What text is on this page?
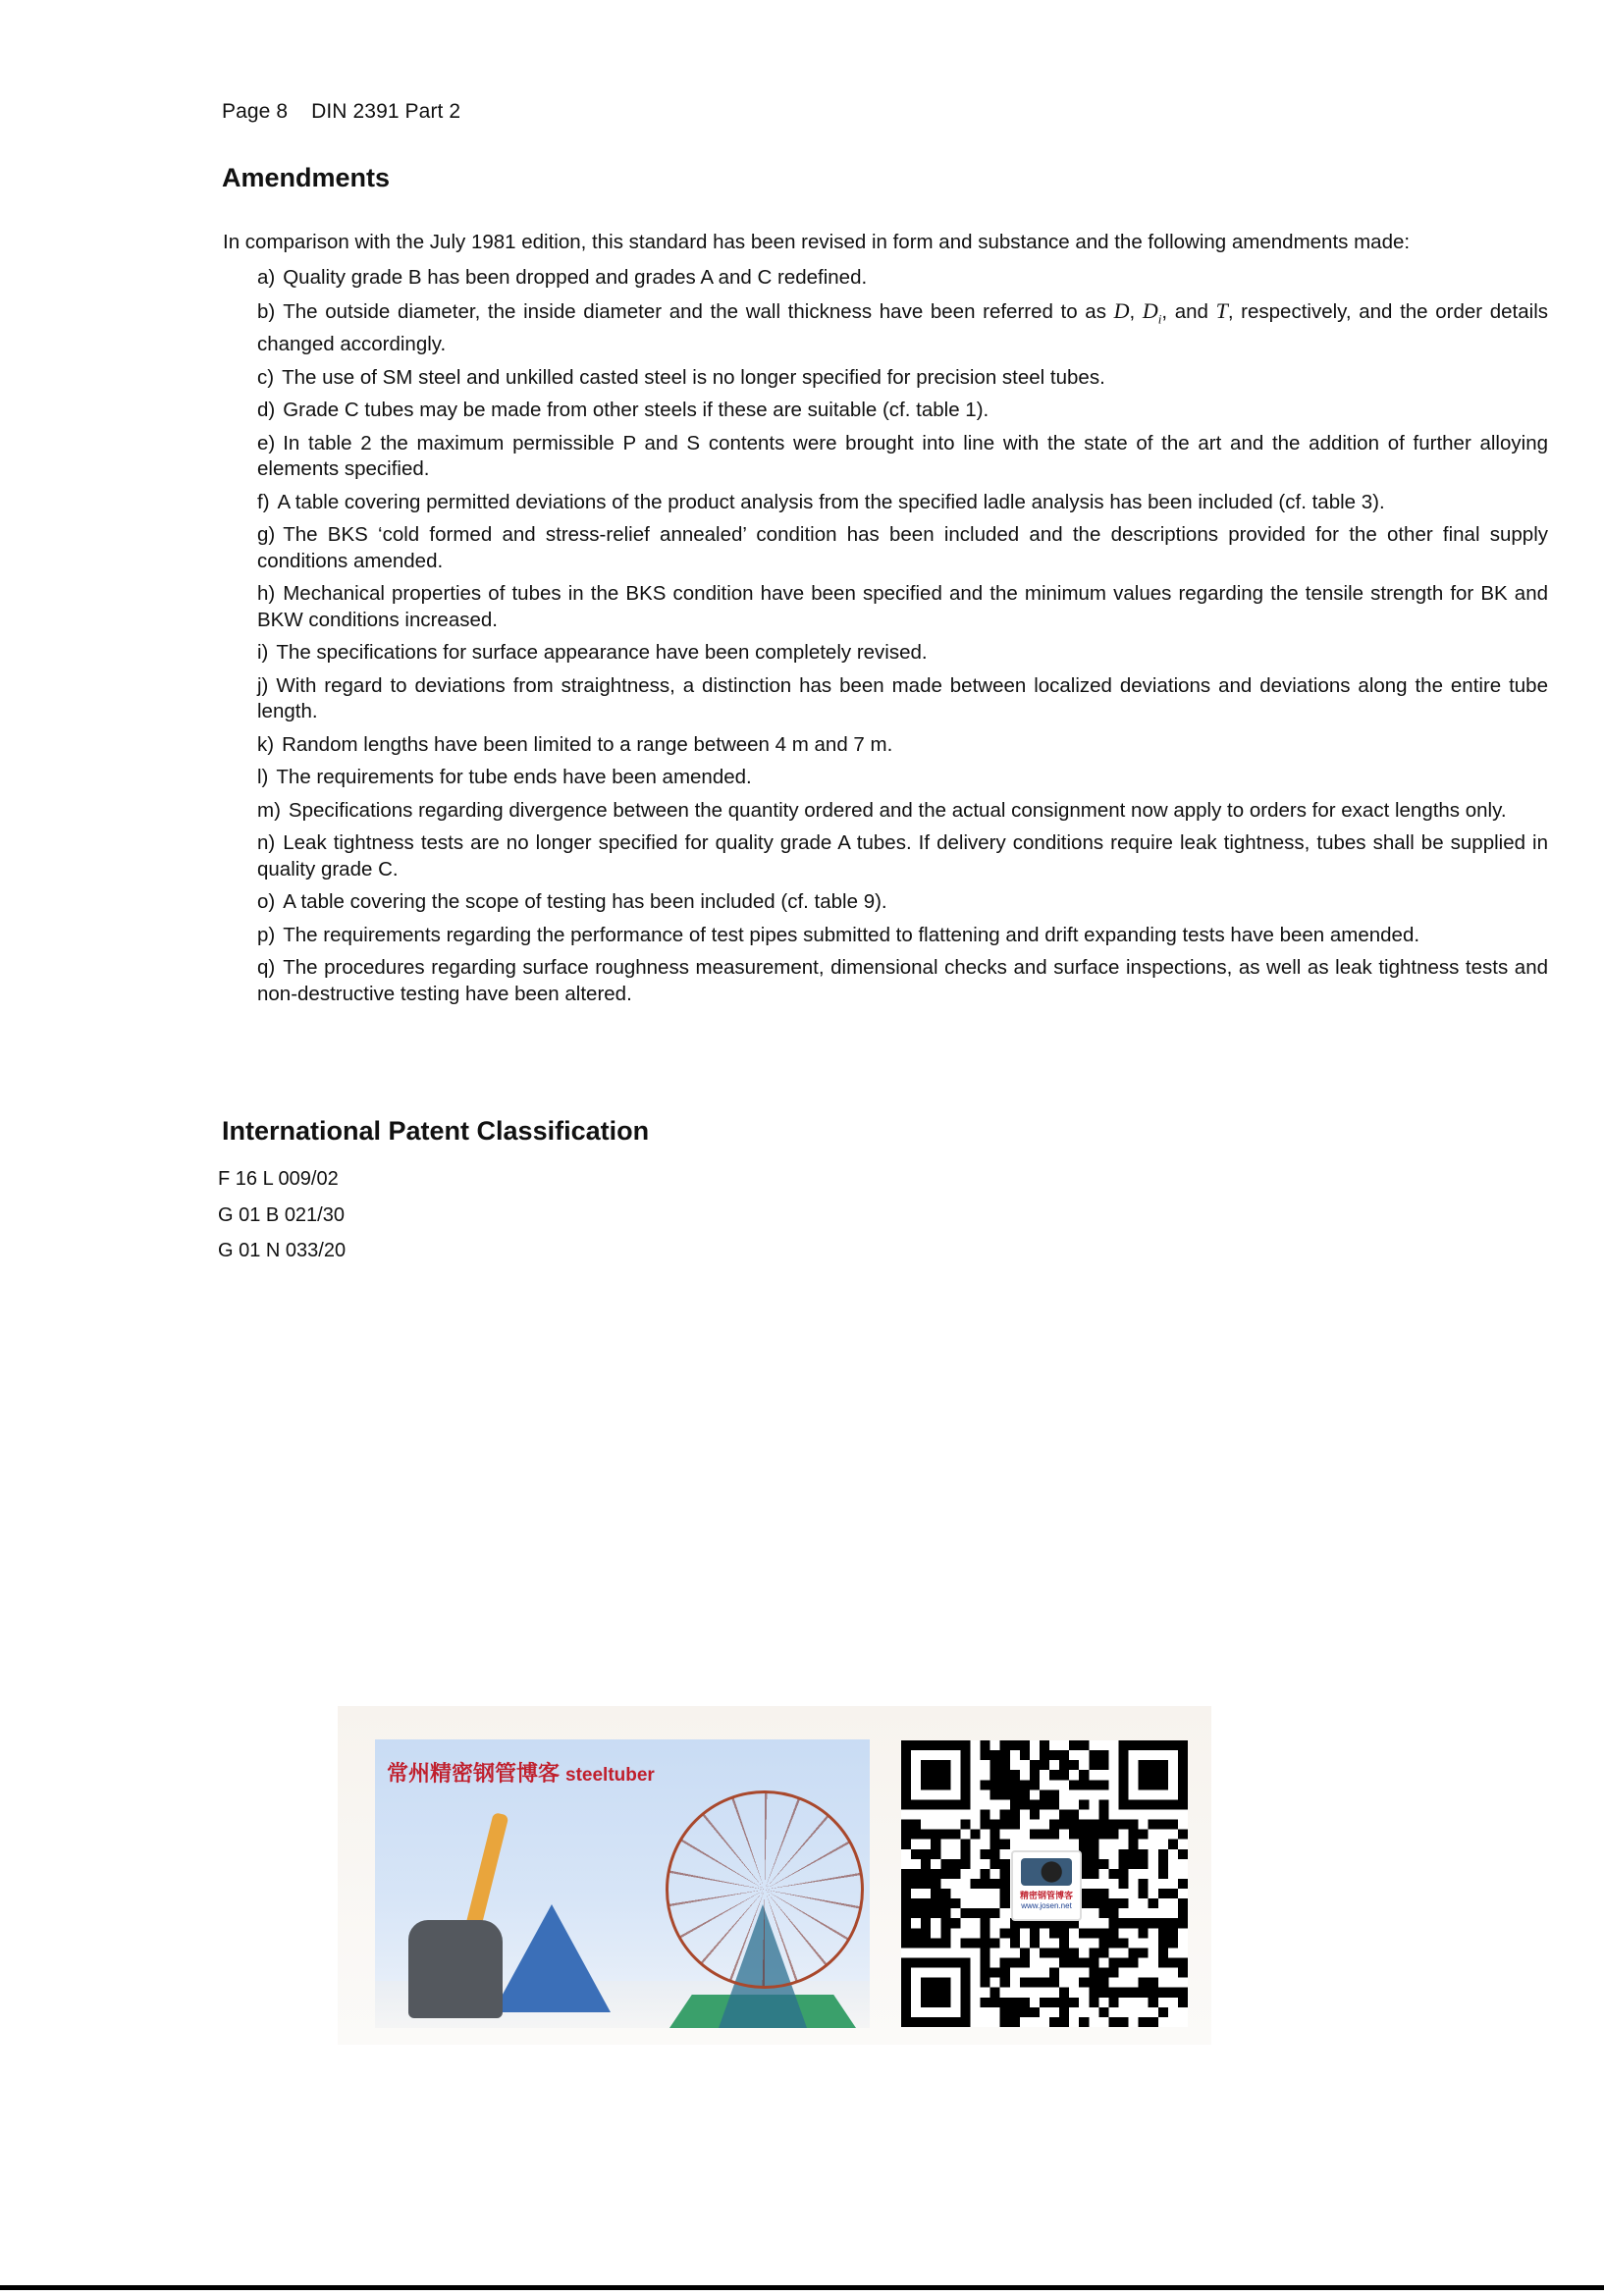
Page 8 DIN 2391 Part 2
Amendments

In comparison with the July 1981 edition, this standard has been revised in form and substance and the following amendments made:

a) Quality grade B has been dropped and grades A and C redefined.
b) The outside diameter, the inside diameter and the wall thickness have been referred to as D, $D_i$, and T, respectively, and the order details changed accordingly.
c) The use of SM steel and unkilled casted steel is no longer specified for precision steel tubes.
d) Grade C tubes may be made from other steels if these are suitable (cf. table 1).
e) In table 2 the maximum permissible P and S contents were brought into line with the state of the art and the addition of further alloying elements specified.
f) A table covering permitted deviations of the product analysis from the specified ladle analysis has been included (cf. table 3).
g) The BKS ‘cold formed and stress-relief annealed’ condition has been included and the descriptions provided for the other final supply conditions amended.
h) Mechanical properties of tubes in the BKS condition have been specified and the minimum values regarding the tensile strength for BK and BKW conditions increased.
i) The specifications for surface appearance have been completely revised.
j) With regard to deviations from straightness, a distinction has been made between localized deviations and deviations along the entire tube length.
k) Random lengths have been limited to a range between 4 m and 7 m.
l) The requirements for tube ends have been amended.
m) Specifications regarding divergence between the quantity ordered and the actual consignment now apply to orders for exact lengths only.
n) Leak tightness tests are no longer specified for quality grade A tubes. If delivery conditions require leak tightness, tubes shall be supplied in quality grade C.
o) A table covering the scope of testing has been included (cf. table 9).
p) The requirements regarding the performance of test pipes submitted to flattening and drift expanding tests have been amended.
q) The procedures regarding surface roughness measurement, dimensional checks and surface inspections, as well as leak tightness tests and non-destructive testing have been altered.
International Patent Classification
F 16 L 009/02
G 01 B 021/30
G 01 N 033/20
常州精密钢管博客 steeltuber
精密钢管博客
www.josen.net
